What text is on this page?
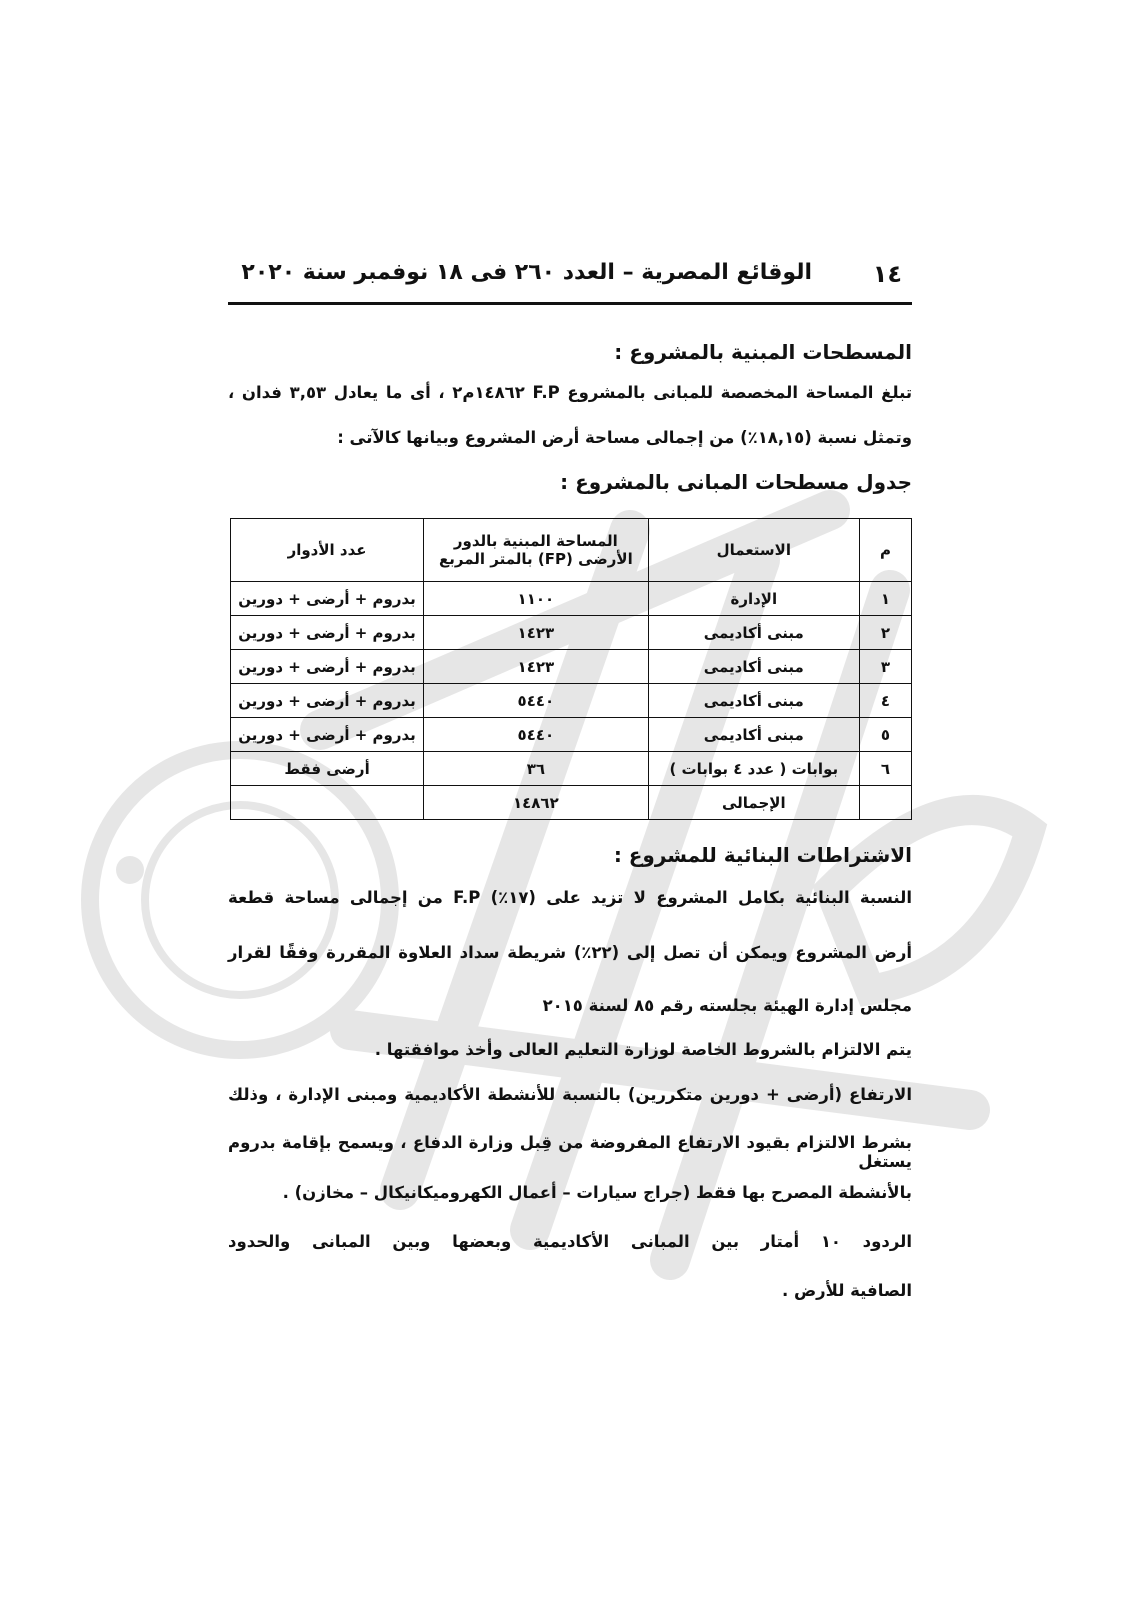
١٤
الوقائع المصرية – العدد ٢٦٠ فى ١٨ نوفمبر سنة ٢٠٢٠
المسطحات المبنية بالمشروع :
تبلغ المساحة المخصصة للمبانى بالمشروع F.P ١٤٨٦٢م٢ ، أى ما يعادل ٣,٥٣ فدان ،
وتمثل نسبة (١٨,١٥٪) من إجمالى مساحة أرض المشروع وبيانها كالآتى :
جدول مسطحات المبانى بالمشروع :
م	الاستعمال	المساحة المبنية بالدور الأرضى (FP) بالمتر المربع	عدد الأدوار
١	الإدارة	١١٠٠	بدروم + أرضى + دورين
٢	مبنى أكاديمى	١٤٢٣	بدروم + أرضى + دورين
٣	مبنى أكاديمى	١٤٢٣	بدروم + أرضى + دورين
٤	مبنى أكاديمى	٥٤٤٠	بدروم + أرضى + دورين
٥	مبنى أكاديمى	٥٤٤٠	بدروم + أرضى + دورين
٦	بوابات ( عدد ٤ بوابات )	٣٦	أرضى فقط
	الإجمالى	١٤٨٦٢	
الاشتراطات البنائية للمشروع :
النسبة البنائية بكامل المشروع لا تزيد على (١٧٪) F.P من إجمالى مساحة قطعة
أرض المشروع ويمكن أن تصل إلى (٢٢٪) شريطة سداد العلاوة المقررة وفقًا لقرار
مجلس إدارة الهيئة بجلسته رقم ٨٥ لسنة ٢٠١٥
يتم الالتزام بالشروط الخاصة لوزارة التعليم العالى وأخذ موافقتها .
الارتفاع (أرضى + دورين متكررين) بالنسبة للأنشطة الأكاديمية ومبنى الإدارة ، وذلك
بشرط الالتزام بقيود الارتفاع المفروضة من قِبل وزارة الدفاع ، ويسمح بإقامة بدروم يستغل
بالأنشطة المصرح بها فقط (جراج سيارات – أعمال الكهروميكانيكال – مخازن) .
الردود ١٠ أمتار بين المبانى الأكاديمية وبعضها وبين المبانى والحدود
الصافية للأرض .
